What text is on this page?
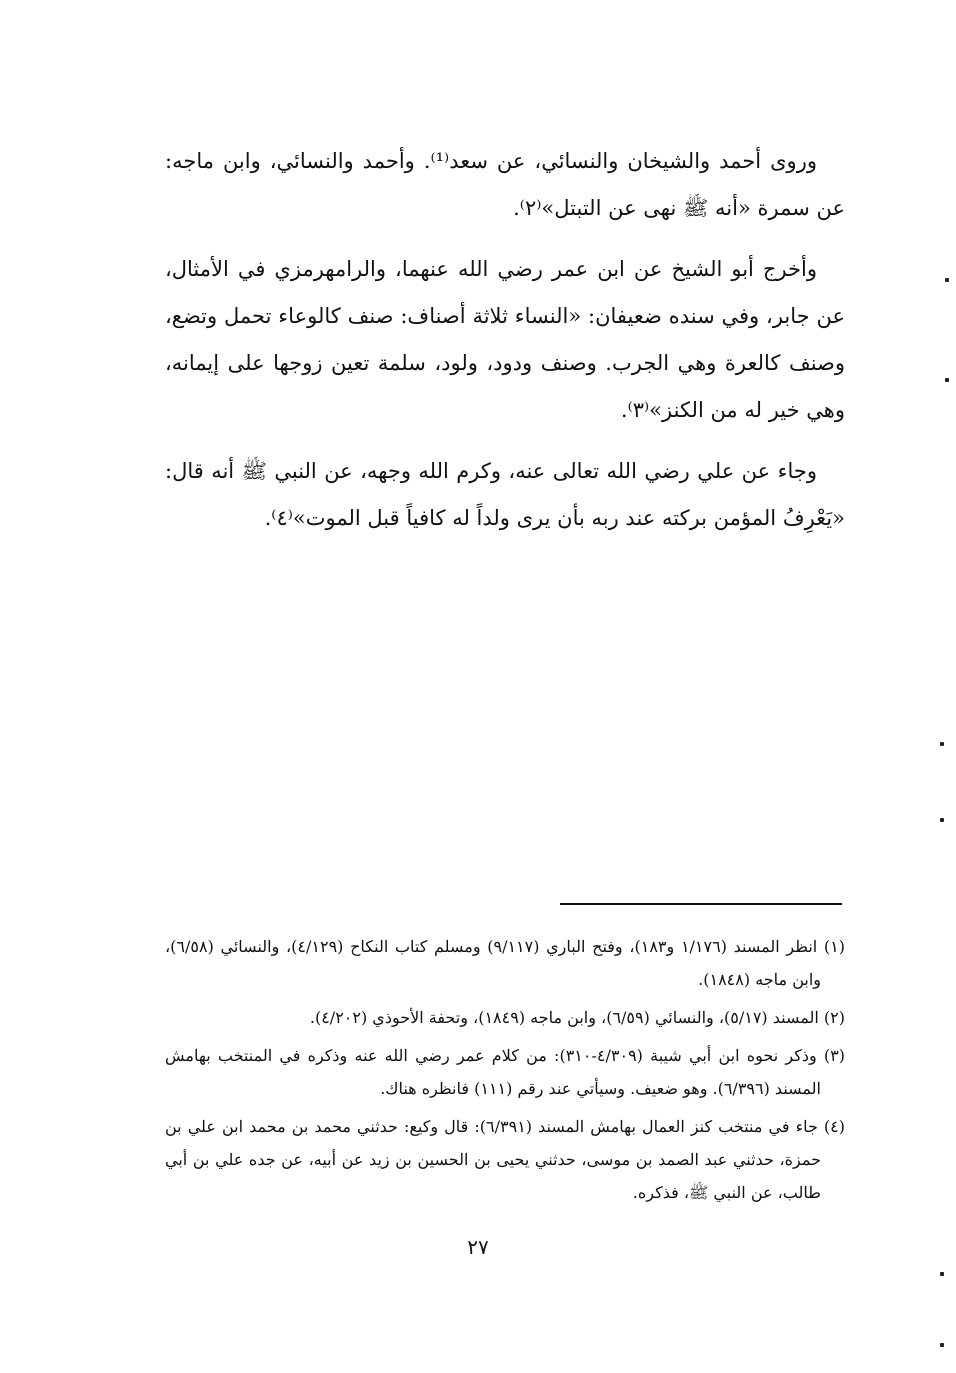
وروى أحمد والشيخان والنسائي، عن سعد⁽¹⁾. وأحمد والنسائي، وابن ماجه: عن سمرة «أنه ﷺ نهى عن التبتل»⁽٢⁾.

وأخرج أبو الشيخ عن ابن عمر رضي الله عنهما، والرامهرمزي في الأمثال، عن جابر، وفي سنده ضعيفان: «النساء ثلاثة أصناف: صنف كالوعاء تحمل وتضع، وصنف كالعرة وهي الجرب. وصنف ودود، ولود، سلمة تعين زوجها على إيمانه، وهي خير له من الكنز»⁽٣⁾.

وجاء عن علي رضي الله تعالى عنه، وكرم الله وجهه، عن النبي ﷺ أنه قال: «يَعْرِفُ المؤمن بركته عند ربه بأن يرى ولداً له كافياً قبل الموت»⁽٤⁾.

(١) انظر المسند (١/١٧٦ و١٨٣)، وفتح الباري (٩/١١٧) ومسلم كتاب النكاح (٤/١٢٩)، والنسائي (٦/٥٨)، وابن ماجه (١٨٤٨).

(٢) المسند (٥/١٧)، والنسائي (٦/٥٩)، وابن ماجه (١٨٤٩)، وتحفة الأحوذي (٤/٢٠٢).

(٣) وذكر نحوه ابن أبي شيبة (٤/٣٠٩-٣١٠): من كلام عمر رضي الله عنه وذكره في المنتخب بهامش المسند (٦/٣٩٦). وهو ضعيف. وسيأتي عند رقم (١١١) فانظره هناك.

(٤) جاء في منتخب كنز العمال بهامش المسند (٦/٣٩١): قال وكيع: حدثني محمد بن محمد ابن علي بن حمزة، حدثني عبد الصمد بن موسى، حدثني يحيى بن الحسين بن زيد عن أبيه، عن جده علي بن أبي طالب، عن النبي ﷺ، فذكره.

٢٧
